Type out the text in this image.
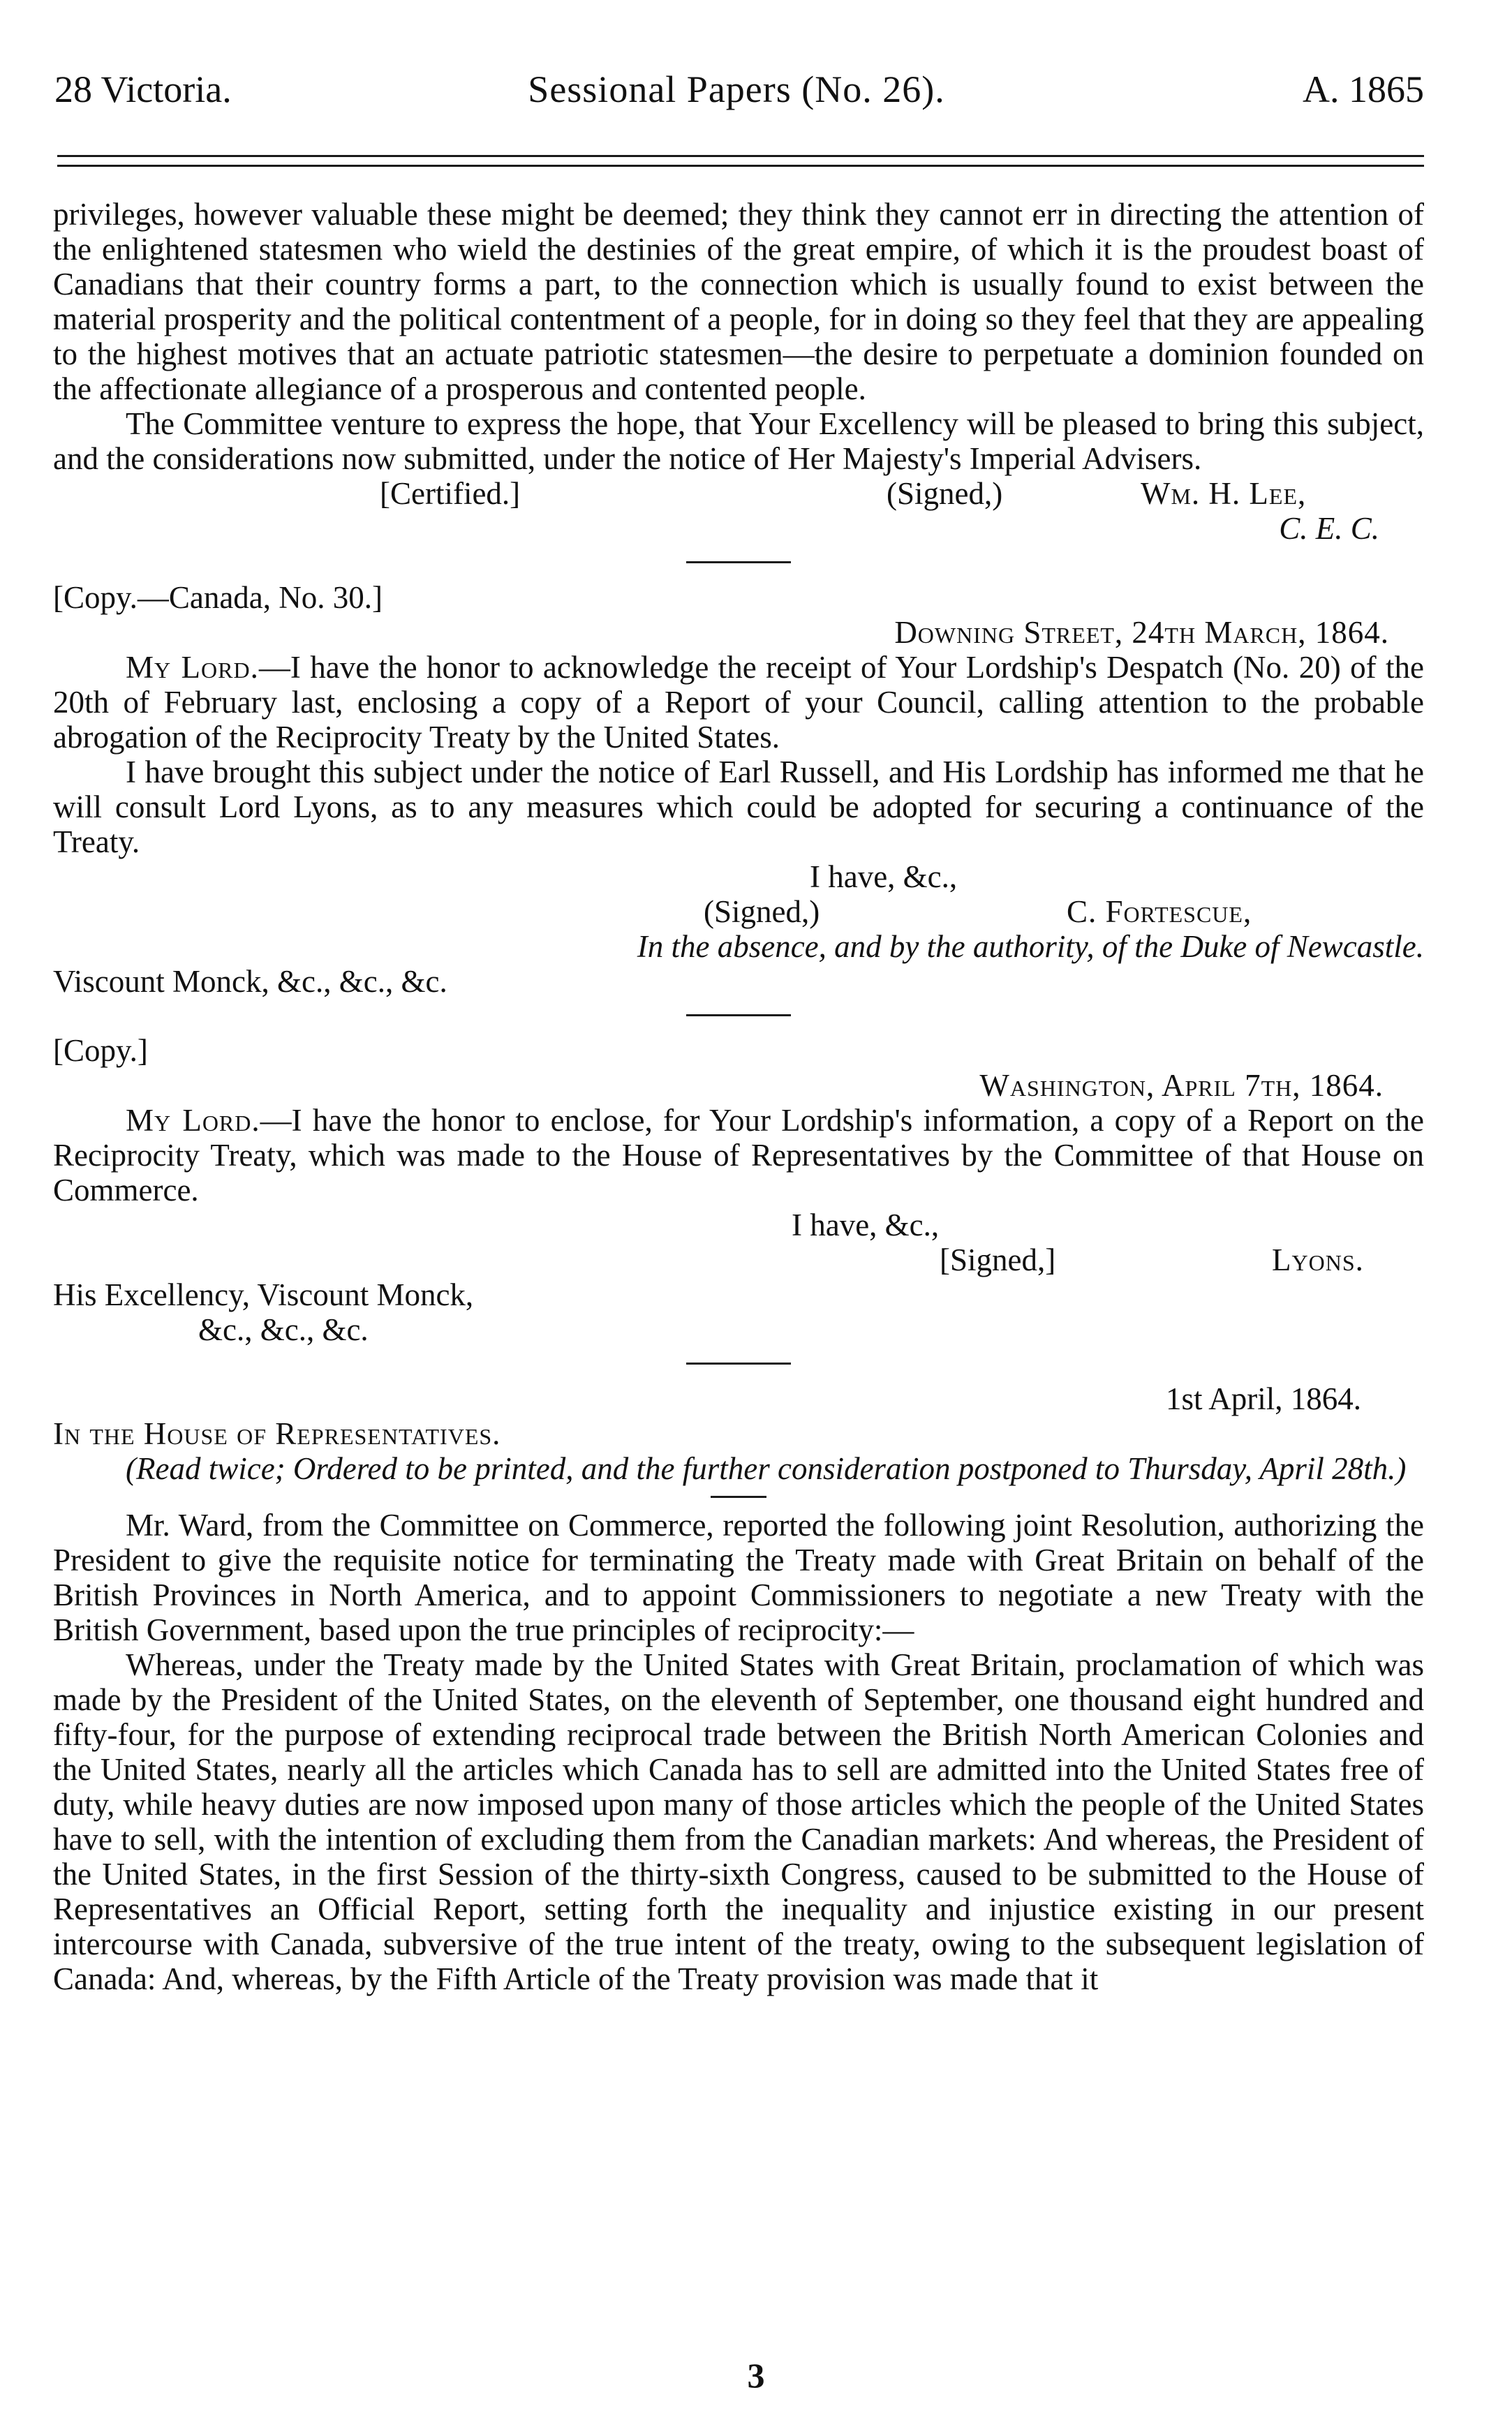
28 Victoria.	Sessional Papers (No. 26).	A. 1865

privileges, however valuable these might be deemed; they think they cannot err in directing the attention of the enlightened statesmen who wield the destinies of the great empire, of which it is the proudest boast of Canadians that their country forms a part, to the connection which is usually found to exist between the material prosperity and the political contentment of a people, for in doing so they feel that they are appealing to the highest motives that an actuate patriotic statesmen—the desire to perpetuate a dominion founded on the affectionate allegiance of a prosperous and contented people.

The Committee venture to express the hope, that Your Excellency will be pleased to bring this subject, and the considerations now submitted, under the notice of Her Majesty's Imperial Advisers.

[Certified.]	(Signed,)	Wm. H. Lee,
C. E. C.

[Copy.—Canada, No. 30.]

Downing Street, 24th March, 1864.

My Lord.—I have the honor to acknowledge the receipt of Your Lordship's Despatch (No. 20) of the 20th of February last, enclosing a copy of a Report of your Council, calling attention to the probable abrogation of the Reciprocity Treaty by the United States.

I have brought this subject under the notice of Earl Russell, and His Lordship has informed me that he will consult Lord Lyons, as to any measures which could be adopted for securing a continuance of the Treaty.

I have, &c.,
(Signed,)	C. Fortescue,
In the absence, and by the authority, of the Duke of Newcastle.

Viscount Monck, &c., &c., &c.

[Copy.]

Washington, April 7th, 1864.

My Lord.—I have the honor to enclose, for Your Lordship's information, a copy of a Report on the Reciprocity Treaty, which was made to the House of Representatives by the Committee of that House on Commerce.

I have, &c.,
[Signed,]	Lyons.

His Excellency, Viscount Monck,

&c., &c., &c.

1st April, 1864.

In the House of Representatives.

(Read twice; Ordered to be printed, and the further consideration postponed to Thursday, April 28th.)

Mr. Ward, from the Committee on Commerce, reported the following joint Resolution, authorizing the President to give the requisite notice for terminating the Treaty made with Great Britain on behalf of the British Provinces in North America, and to appoint Commissioners to negotiate a new Treaty with the British Government, based upon the true principles of reciprocity:—

Whereas, under the Treaty made by the United States with Great Britain, proclamation of which was made by the President of the United States, on the eleventh of September, one thousand eight hundred and fifty-four, for the purpose of extending reciprocal trade between the British North American Colonies and the United States, nearly all the articles which Canada has to sell are admitted into the United States free of duty, while heavy duties are now imposed upon many of those articles which the people of the United States have to sell, with the intention of excluding them from the Canadian markets: And whereas, the President of the United States, in the first Session of the thirty-sixth Congress, caused to be submitted to the House of Representatives an Official Report, setting forth the inequality and injustice existing in our present intercourse with Canada, subversive of the true intent of the treaty, owing to the subsequent legislation of Canada: And, whereas, by the Fifth Article of the Treaty provision was made that it

3
